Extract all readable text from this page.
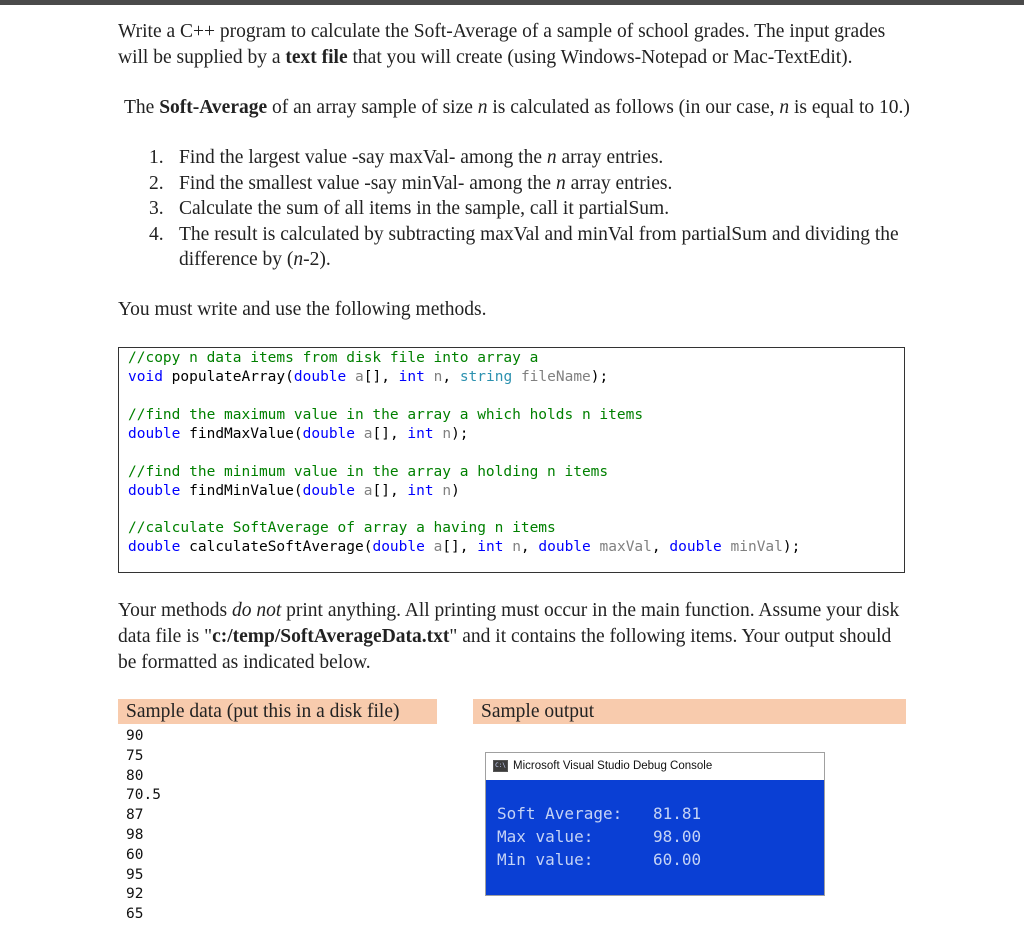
Write a C++ program to calculate the Soft-Average of a sample of school grades. The input grades will be supplied by a text file that you will create (using Windows-Notepad or Mac-TextEdit).

The Soft-Average of an array sample of size n is calculated as follows (in our case, n is equal to 10.)

1. Find the largest value -say maxVal- among the n array entries.
2. Find the smallest value -say minVal- among the n array entries.
3. Calculate the sum of all items in the sample, call it partialSum.
4. The result is calculated by subtracting maxVal and minVal from partialSum and dividing the difference by (n-2).

You must write and use the following methods.

//copy n data items from disk file into array a
void populateArray(double a[], int n, string fileName);
//find the maximum value in the array a which holds n items
double findMaxValue(double a[], int n);
//find the minimum value in the array a holding n items
double findMinValue(double a[], int n)
//calculate SoftAverage of array a having n items
double calculateSoftAverage(double a[], int n, double maxVal, double minVal);

Your methods do not print anything. All printing must occur in the main function. Assume your disk data file is "c:/temp/SoftAverageData.txt" and it contains the following items. Your output should be formatted as indicated below.

Sample data (put this in a disk file)	Sample output
90
75
80
70.5
87
98
60
95
92
65
C:\ Microsoft Visual Studio Debug Console
Soft Average: 81.81
Max value:	98.00
Min value:	60.00
